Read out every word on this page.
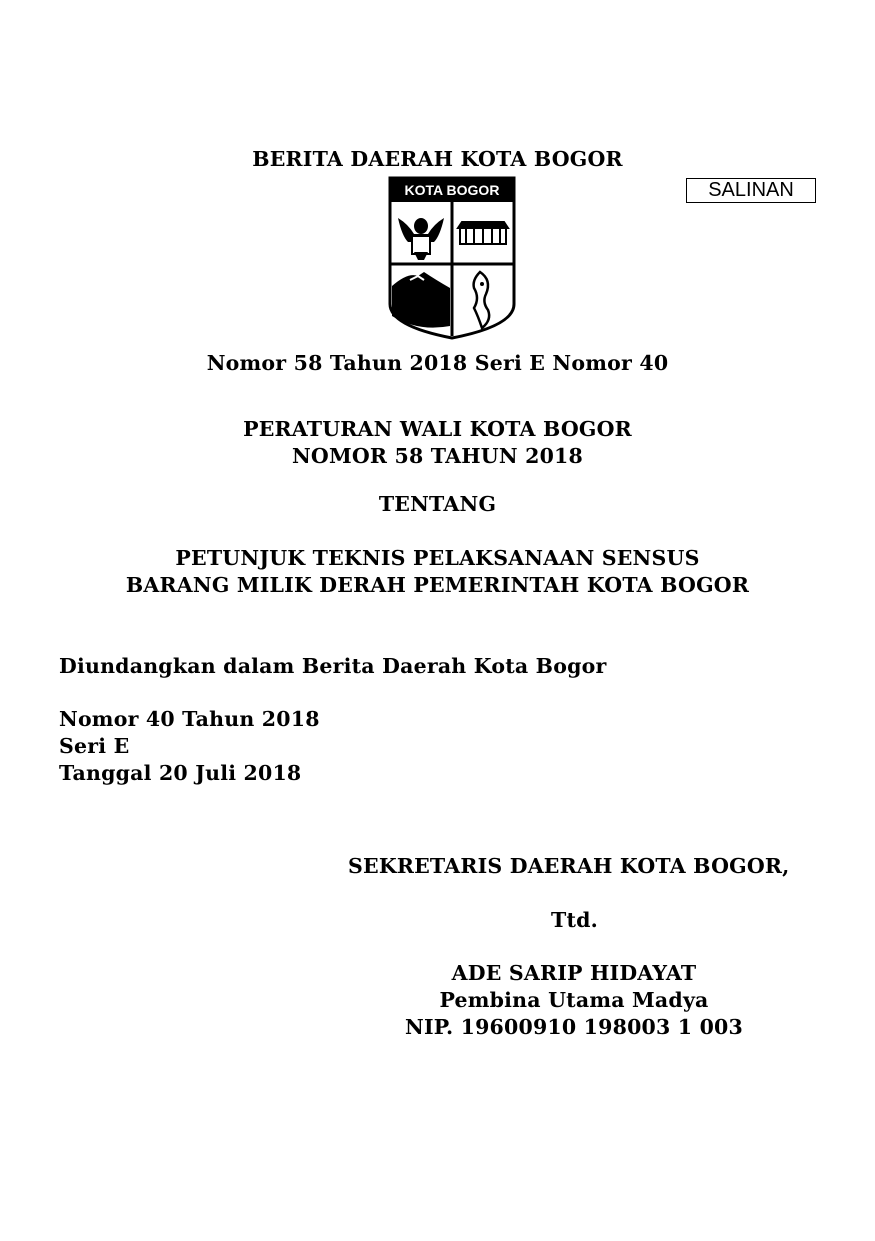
BERITA DAERAH KOTA BOGOR
SALINAN
KOTA BOGOR
Nomor 58 Tahun 2018 Seri E Nomor 40
PERATURAN WALI KOTA BOGOR
NOMOR 58 TAHUN 2018
TENTANG
PETUNJUK TEKNIS PELAKSANAAN SENSUS
BARANG MILIK DERAH PEMERINTAH KOTA BOGOR
Diundangkan dalam Berita Daerah Kota Bogor
Nomor 40 Tahun 2018
Seri E
Tanggal 20 Juli 2018
SEKRETARIS DAERAH KOTA BOGOR,
Ttd.
ADE SARIP HIDAYAT
Pembina Utama Madya
NIP. 19600910 198003 1 003
